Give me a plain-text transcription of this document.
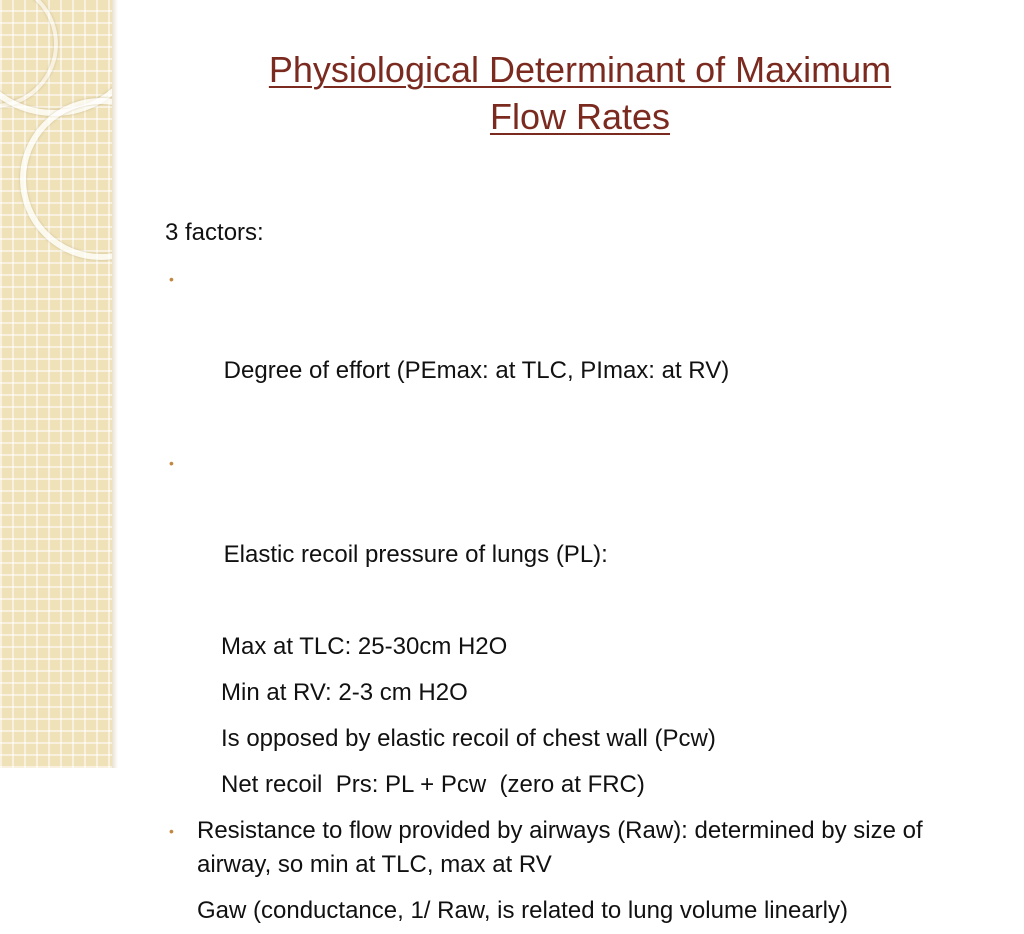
Physiological Determinant of Maximum
Flow Rates
3 factors:

•

Degree of effort (PEmax: at TLC, PImax: at RV)

•

Elastic recoil pressure of lungs (PL):

Max at TLC: 25-30cm H2O
Min at RV: 2-3 cm H2O
Is opposed by elastic recoil of chest wall (Pcw)
Net recoil  Prs: PL + Pcw  (zero at FRC)
• Resistance to flow provided by airways (Raw): determined by size of airway, so min at TLC, max at RV
Gaw (conductance, 1/ Raw, is related to lung volume linearly)
